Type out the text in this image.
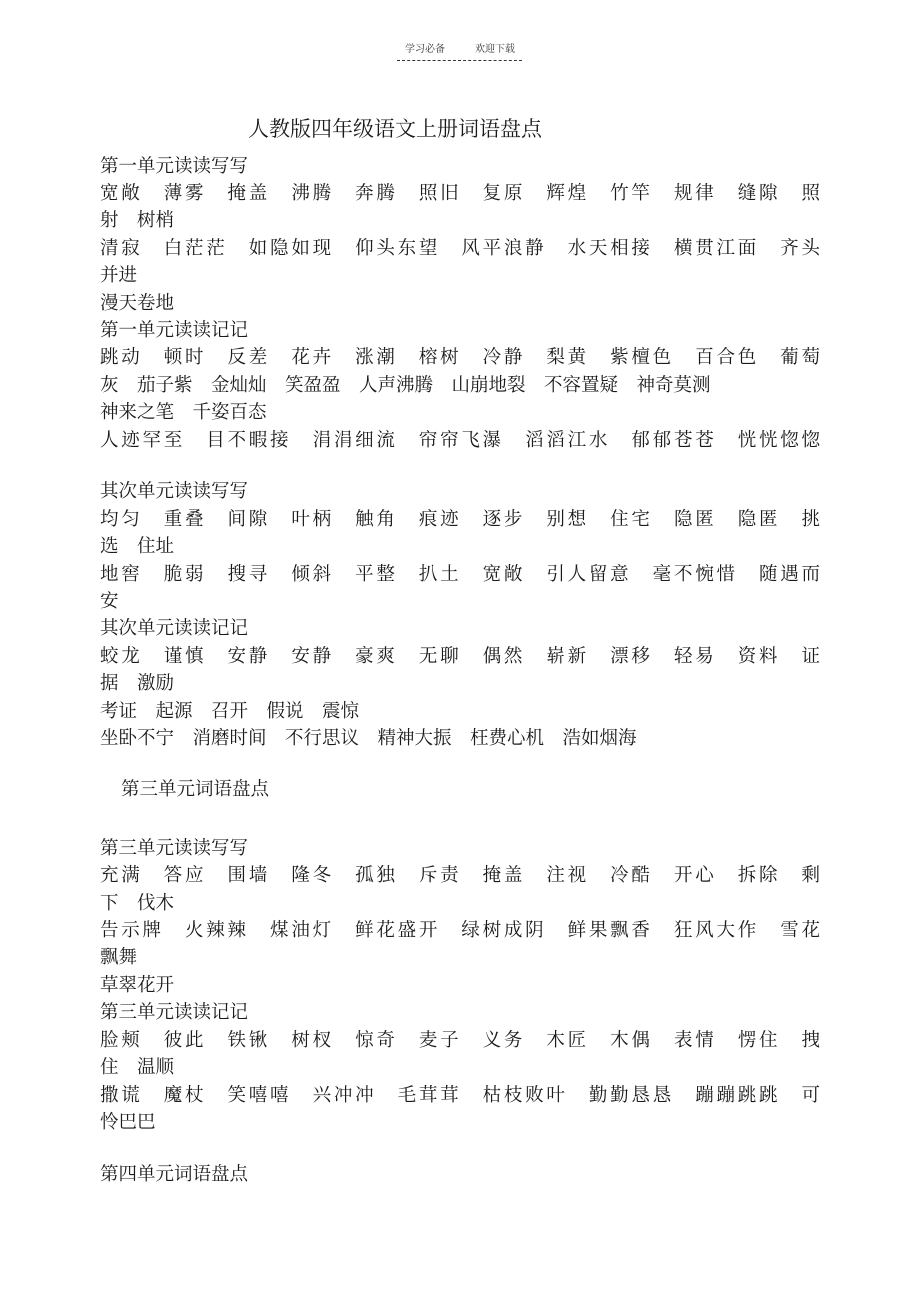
学习必备	欢迎下载
人教版四年级语文上册词语盘点
第一单元读读写写
宽敞　薄雾　掩盖　沸腾　奔腾　照旧　复原　辉煌　竹竿　规律　缝隙　照
射　树梢
清寂　白茫茫　如隐如现　仰头东望　风平浪静　水天相接　横贯江面　齐头
并进
漫天卷地
第一单元读读记记
跳动　顿时　反差　花卉　涨潮　榕树　冷静　梨黄　紫檀色　百合色　葡萄
灰　茄子紫　金灿灿　笑盈盈　人声沸腾　山崩地裂　不容置疑　神奇莫测
神来之笔　千姿百态
人迹罕至　目不暇接　涓涓细流　帘帘飞瀑　滔滔江水　郁郁苍苍　恍恍惚惚
其次单元读读写写
均匀　重叠　间隙　叶柄　触角　痕迹　逐步　别想　住宅　隐匿　隐匿　挑
选　住址
地窖　脆弱　搜寻　倾斜　平整　扒土　宽敞　引人留意　毫不惋惜　随遇而
安
其次单元读读记记
蛟龙　谨慎　安静　安静　豪爽　无聊　偶然　崭新　漂移　轻易　资料　证
据　激励
考证　起源　召开　假说　震惊
坐卧不宁　消磨时间　不行思议　精神大振　枉费心机　浩如烟海
第三单元词语盘点
第三单元读读写写
充满　答应　围墙　隆冬　孤独　斥责　掩盖　注视　冷酷　开心　拆除　剩
下　伐木
告示牌　火辣辣　煤油灯　鲜花盛开　绿树成阴　鲜果飘香　狂风大作　雪花
飘舞
草翠花开
第三单元读读记记
脸颊　彼此　铁锹　树杈　惊奇　麦子　义务　木匠　木偶　表情　愣住　拽
住　温顺
撒谎　魔杖　笑嘻嘻　兴冲冲　毛茸茸　枯枝败叶　勤勤恳恳　蹦蹦跳跳　可
怜巴巴
第四单元词语盘点
